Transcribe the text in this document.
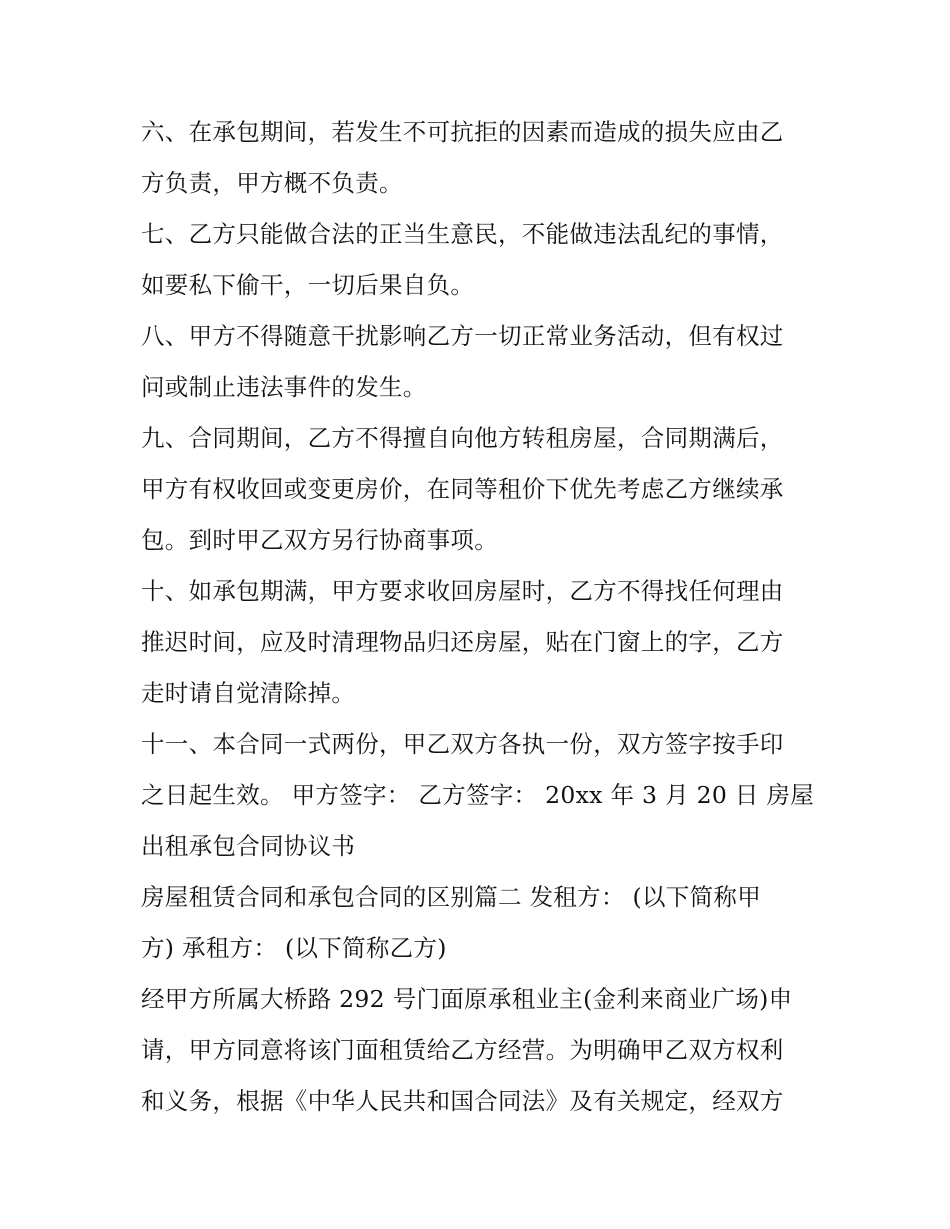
六、在承包期间，若发生不可抗拒的因素而造成的损失应由乙
方负责，甲方概不负责。
七、乙方只能做合法的正当生意民，不能做违法乱纪的事情，
如要私下偷干，一切后果自负。
八、甲方不得随意干扰影响乙方一切正常业务活动，但有权过
问或制止违法事件的发生。
九、合同期间，乙方不得擅自向他方转租房屋，合同期满后，
甲方有权收回或变更房价，在同等租价下优先考虑乙方继续承
包。到时甲乙双方另行协商事项。
十、如承包期满，甲方要求收回房屋时，乙方不得找任何理由
推迟时间，应及时清理物品归还房屋，贴在门窗上的字，乙方
走时请自觉清除掉。
十一、本合同一式两份，甲乙双方各执一份，双方签字按手印
之日起生效。 甲方签字： 乙方签字： 20xx 年 3 月 20 日 房屋
出租承包合同协议书
房屋租赁合同和承包合同的区别篇二 发租方： (以下简称甲
方) 承租方： (以下简称乙方)
经甲方所属大桥路 292 号门面原承租业主(金利来商业广场)申
请，甲方同意将该门面租赁给乙方经营。为明确甲乙双方权利
和义务，根据《中华人民共和国合同法》及有关规定，经双方
